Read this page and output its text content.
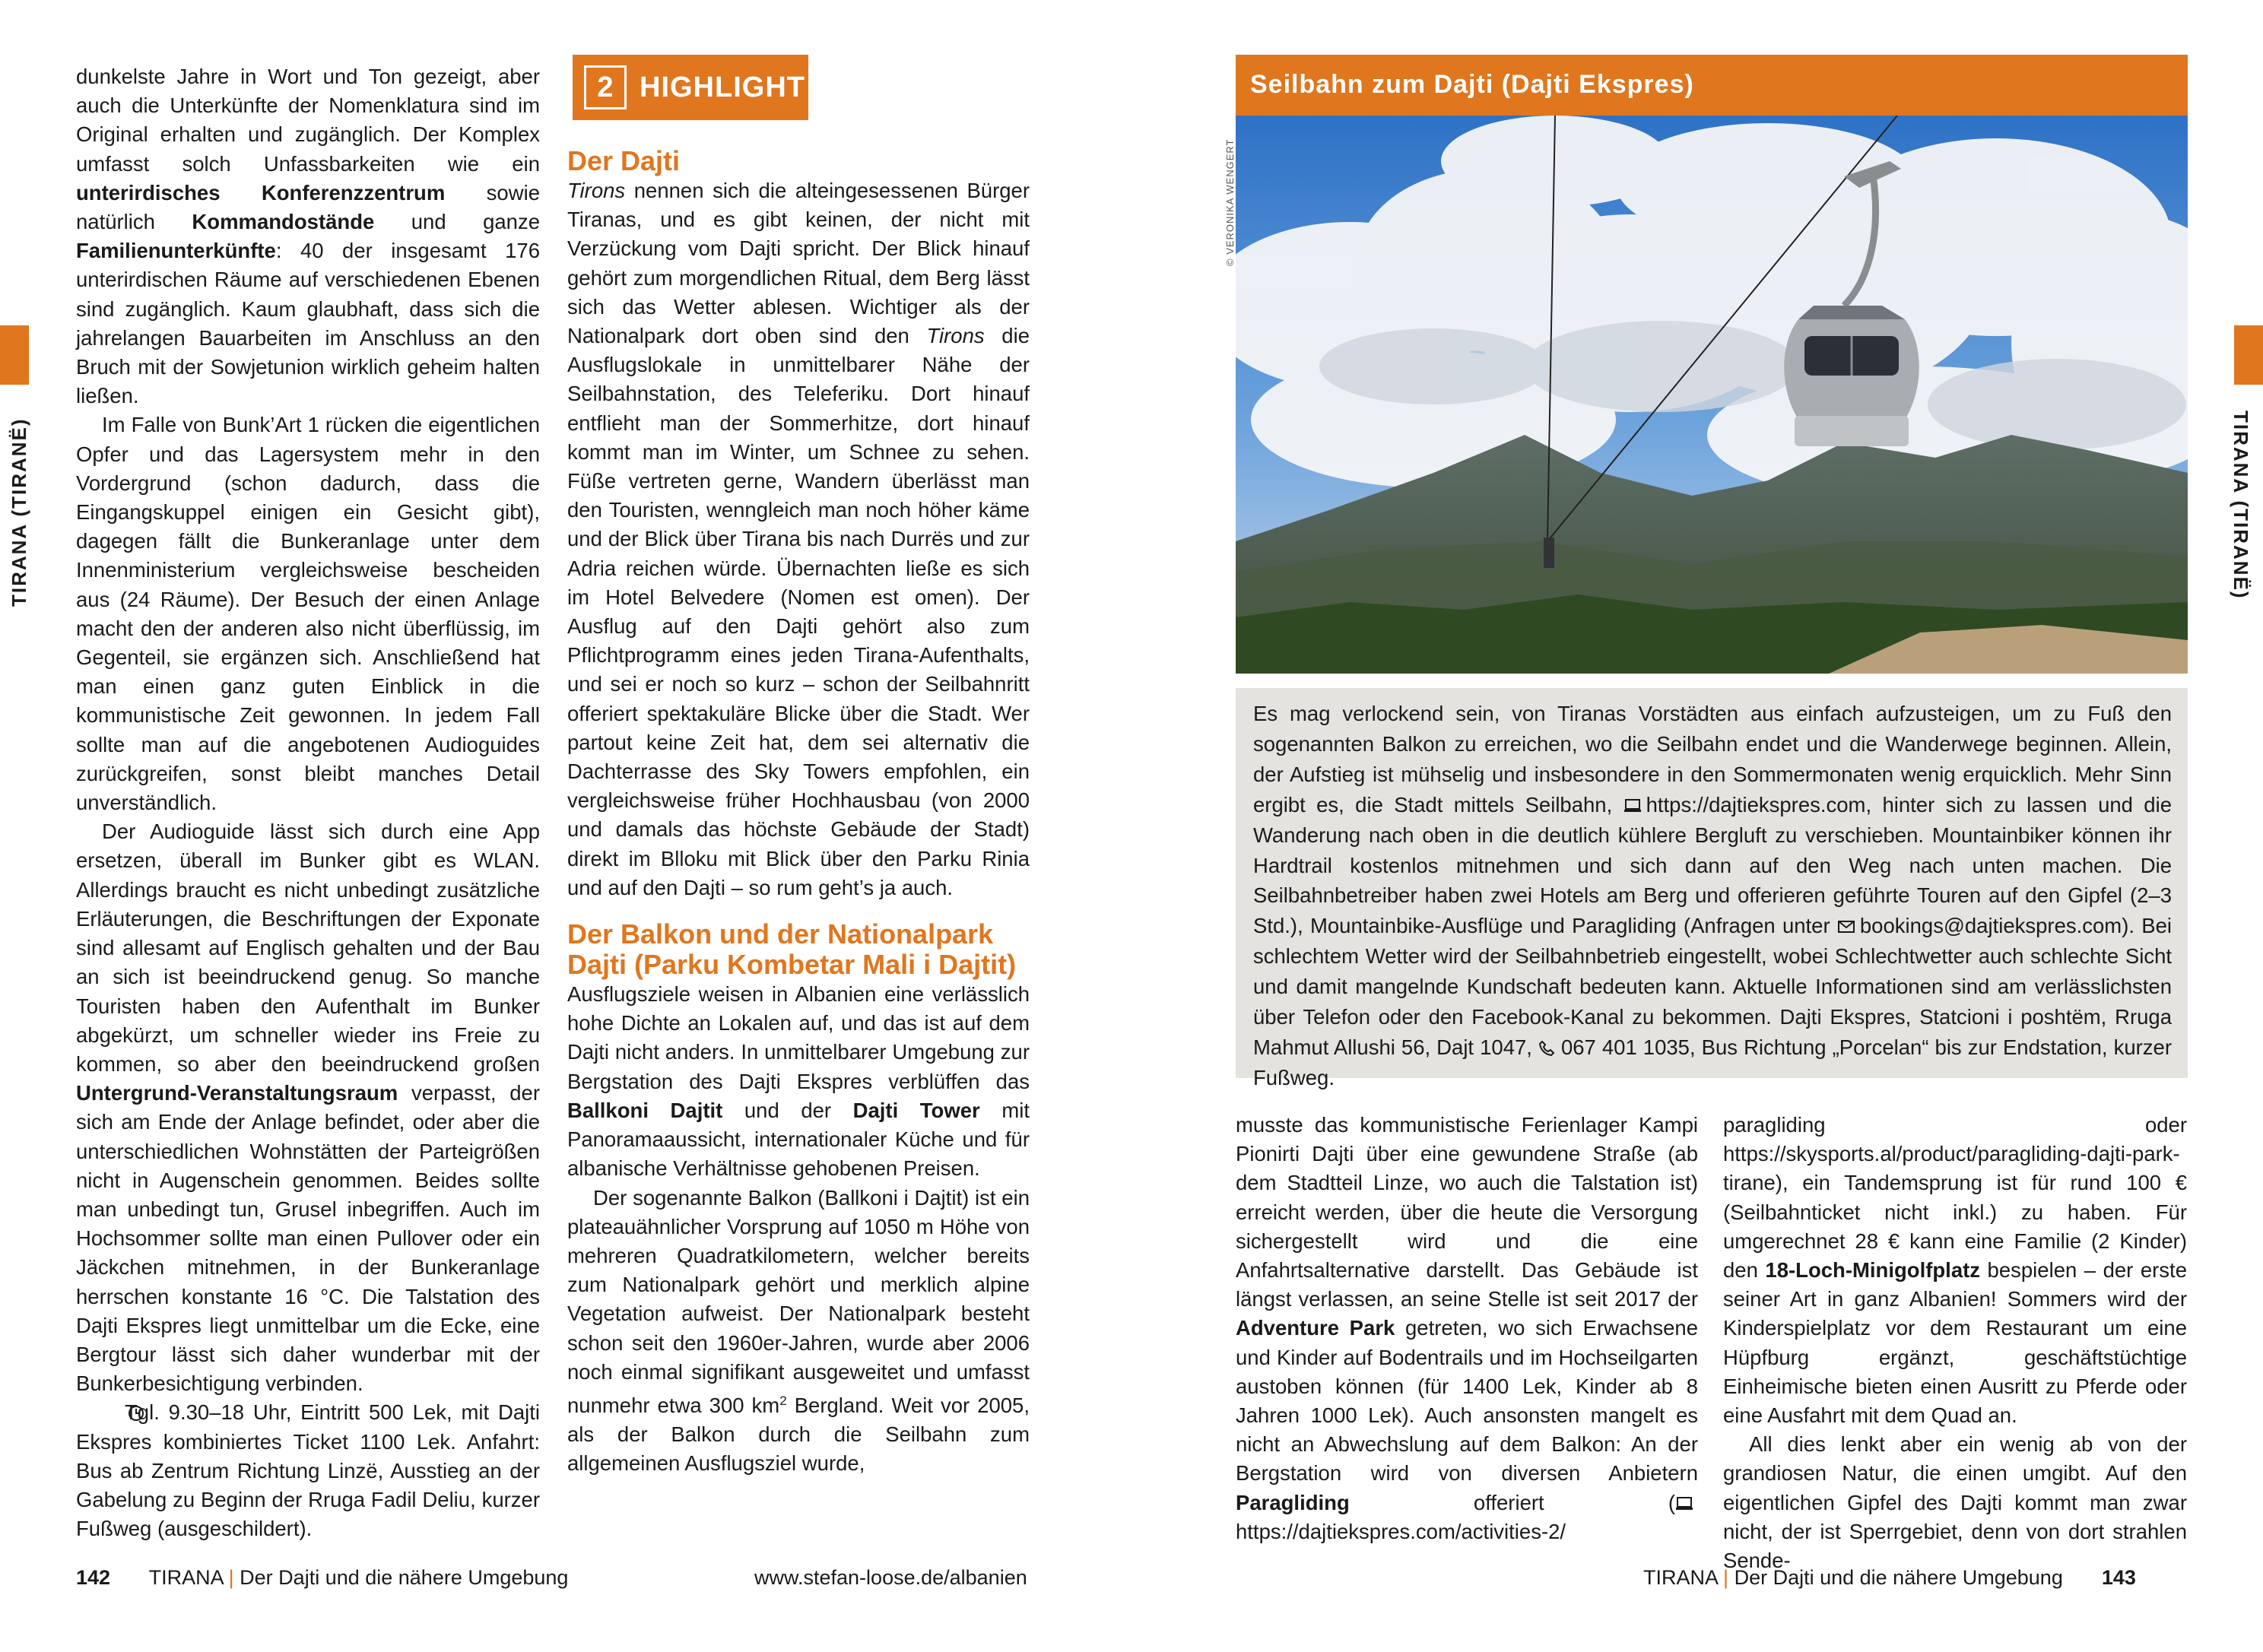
TIRANA (TIRANË)

dunkelste Jahre in Wort und Ton gezeigt, aber auch die Unterkünfte der Nomenklatura sind im Original erhalten und zugänglich. Der Komplex umfasst solch Unfassbarkeiten wie ein unterirdisches Konferenzzentrum sowie natürlich Kommandostände und ganze Familienunterkünfte: 40 der insgesamt 176 unterirdischen Räume auf verschiedenen Ebenen sind zugänglich. Kaum glaubhaft, dass sich die jahrelangen Bauarbeiten im Anschluss an den Bruch mit der Sowjetunion wirklich geheim halten ließen.

Im Falle von Bunk’Art 1 rücken die eigentlichen Opfer und das Lagersystem mehr in den Vordergrund (schon dadurch, dass die Eingangskuppel einigen ein Gesicht gibt), dagegen fällt die Bunkeranlage unter dem Innenministerium vergleichsweise bescheiden aus (24 Räume). Der Besuch der einen Anlage macht den der anderen also nicht überflüssig, im Gegenteil, sie ergänzen sich. Anschließend hat man einen ganz guten Einblick in die kommunistische Zeit gewonnen. In jedem Fall sollte man auf die angebotenen Audioguides zurückgreifen, sonst bleibt manches Detail unverständlich.

Der Audioguide lässt sich durch eine App ersetzen, überall im Bunker gibt es WLAN. Allerdings braucht es nicht unbedingt zusätzliche Erläuterungen, die Beschriftungen der Exponate sind allesamt auf Englisch gehalten und der Bau an sich ist beeindruckend genug. So manche Touristen haben den Aufenthalt im Bunker abgekürzt, um schneller wieder ins Freie zu kommen, so aber den beeindruckend großen Untergrund-Veranstaltungsraum verpasst, der sich am Ende der Anlage befindet, oder aber die unterschiedlichen Wohnstätten der Parteigrößen nicht in Augenschein genommen. Beides sollte man unbedingt tun, Grusel inbegriffen. Auch im Hochsommer sollte man einen Pullover oder ein Jäckchen mitnehmen, in der Bunkeranlage herrschen konstante 16 °C. Die Talstation des Dajti Ekspres liegt unmittelbar um die Ecke, eine Bergtour lässt sich daher wunderbar mit der Bunkerbesichtigung verbinden.

Tgl. 9.30–18 Uhr, Eintritt 500 Lek, mit Dajti Ekspres kombiniertes Ticket 1100 Lek. Anfahrt: Bus ab Zentrum Richtung Linzë, Ausstieg an der Gabelung zu Beginn der Rruga Fadil Deliu, kurzer Fußweg (ausgeschildert).

2 HIGHLIGHT
Der Dajti

Tirons nennen sich die alteingesessenen Bürger Tiranas, und es gibt keinen, der nicht mit Verzückung vom Dajti spricht. Der Blick hinauf gehört zum morgendlichen Ritual, dem Berg lässt sich das Wetter ablesen. Wichtiger als der Nationalpark dort oben sind den Tirons die Ausflugslokale in unmittelbarer Nähe der Seilbahnstation, des Teleferiku. Dort hinauf entflieht man der Sommerhitze, dort hinauf kommt man im Winter, um Schnee zu sehen. Füße vertreten gerne, Wandern überlässt man den Touristen, wenngleich man noch höher käme und der Blick über Tirana bis nach Durrës und zur Adria reichen würde. Übernachten ließe es sich im Hotel Belvedere (Nomen est omen). Der Ausflug auf den Dajti gehört also zum Pflichtprogramm eines jeden Tirana-Aufenthalts, und sei er noch so kurz – schon der Seilbahnritt offeriert spektakuläre Blicke über die Stadt. Wer partout keine Zeit hat, dem sei alternativ die Dachterrasse des Sky Towers empfohlen, ein vergleichsweise früher Hochhausbau (von 2000 und damals das höchste Gebäude der Stadt) direkt im Blloku mit Blick über den Parku Rinia und auf den Dajti – so rum geht’s ja auch.

Der Balkon und der Nationalpark Dajti (Parku Kombetar Mali i Dajtit)

Ausflugsziele weisen in Albanien eine verlässlich hohe Dichte an Lokalen auf, und das ist auf dem Dajti nicht anders. In unmittelbarer Umgebung zur Bergstation des Dajti Ekspres verblüffen das Ballkoni Dajtit und der Dajti Tower mit Panoramaaussicht, internationaler Küche und für albanische Verhältnisse gehobenen Preisen.

Der sogenannte Balkon (Ballkoni i Dajtit) ist ein plateauähnlicher Vorsprung auf 1050 m Höhe von mehreren Quadratkilometern, welcher bereits zum Nationalpark gehört und merklich alpine Vegetation aufweist. Der Nationalpark besteht schon seit den 1960er-Jahren, wurde aber 2006 noch einmal signifikant ausgeweitet und umfasst nunmehr etwa 300 $km^2$ Bergland. Weit vor 2005, als der Balkon durch die Seilbahn zum allgemeinen Ausflugsziel wurde,

142 TIRANA | Der Dajti und die nähere Umgebung	www.stefan-loose.de/albanien
TIRANA (TIRANË)
Seilbahn zum Dajti (Dajti Ekspres)
© VERONIKA WENGERT
Es mag verlockend sein, von Tiranas Vorstädten aus einfach aufzusteigen, um zu Fuß den sogenannten Balkon zu erreichen, wo die Seilbahn endet und die Wanderwege beginnen. Allein, der Aufstieg ist mühselig und insbesondere in den Sommermonaten wenig erquicklich. Mehr Sinn ergibt es, die Stadt mittels Seilbahn, https://dajtiekspres.com, hinter sich zu lassen und die Wanderung nach oben in die deutlich kühlere Bergluft zu verschieben. Mountainbiker können ihr Hardtrail kostenlos mitnehmen und sich dann auf den Weg nach unten machen. Die Seilbahnbetreiber haben zwei Hotels am Berg und offerieren geführte Touren auf den Gipfel (2–3 Std.), Mountainbike-Ausflüge und Paragliding (Anfragen unter bookings@dajtiekspres.com). Bei schlechtem Wetter wird der Seilbahnbetrieb eingestellt, wobei Schlechtwetter auch schlechte Sicht und damit mangelnde Kundschaft bedeuten kann. Aktuelle Informationen sind am verlässlichsten über Telefon oder den Facebook-Kanal zu bekommen. Dajti Ekspres, Statcioni i poshtëm, Rruga Mahmut Allushi 56, Dajt 1047, 067 401 1035, Bus Richtung „Porcelan“ bis zur Endstation, kurzer Fußweg.

musste das kommunistische Ferienlager Kampi Pionirti Dajti über eine gewundene Straße (ab dem Stadtteil Linze, wo auch die Talstation ist) erreicht werden, über die heute die Versorgung sichergestellt wird und die eine Anfahrtsalternative darstellt. Das Gebäude ist längst verlassen, an seine Stelle ist seit 2017 der Adventure Park getreten, wo sich Erwachsene und Kinder auf Bodentrails und im Hochseilgarten austoben können (für 1400 Lek, Kinder ab 8 Jahren 1000 Lek). Auch ansonsten mangelt es nicht an Abwechslung auf dem Balkon: An der Bergstation wird von diversen Anbietern Paragliding offeriert (https://dajtiekspres.com/activities-2/

paragliding oder https://skysports.al/product/paragliding-dajti-park-tirane), ein Tandemsprung ist für rund 100 € (Seilbahnticket nicht inkl.) zu haben. Für umgerechnet 28 € kann eine Familie (2 Kinder) den 18-Loch-Minigolfplatz bespielen – der erste seiner Art in ganz Albanien! Sommers wird der Kinderspielplatz vor dem Restaurant um eine Hüpfburg ergänzt, geschäftstüchtige Einheimische bieten einen Ausritt zu Pferde oder eine Ausfahrt mit dem Quad an.

All dies lenkt aber ein wenig ab von der grandiosen Natur, die einen umgibt. Auf den eigentlichen Gipfel des Dajti kommt man zwar nicht, der ist Sperrgebiet, denn von dort strahlen Sende-

TIRANA | Der Dajti und die nähere Umgebung 143
